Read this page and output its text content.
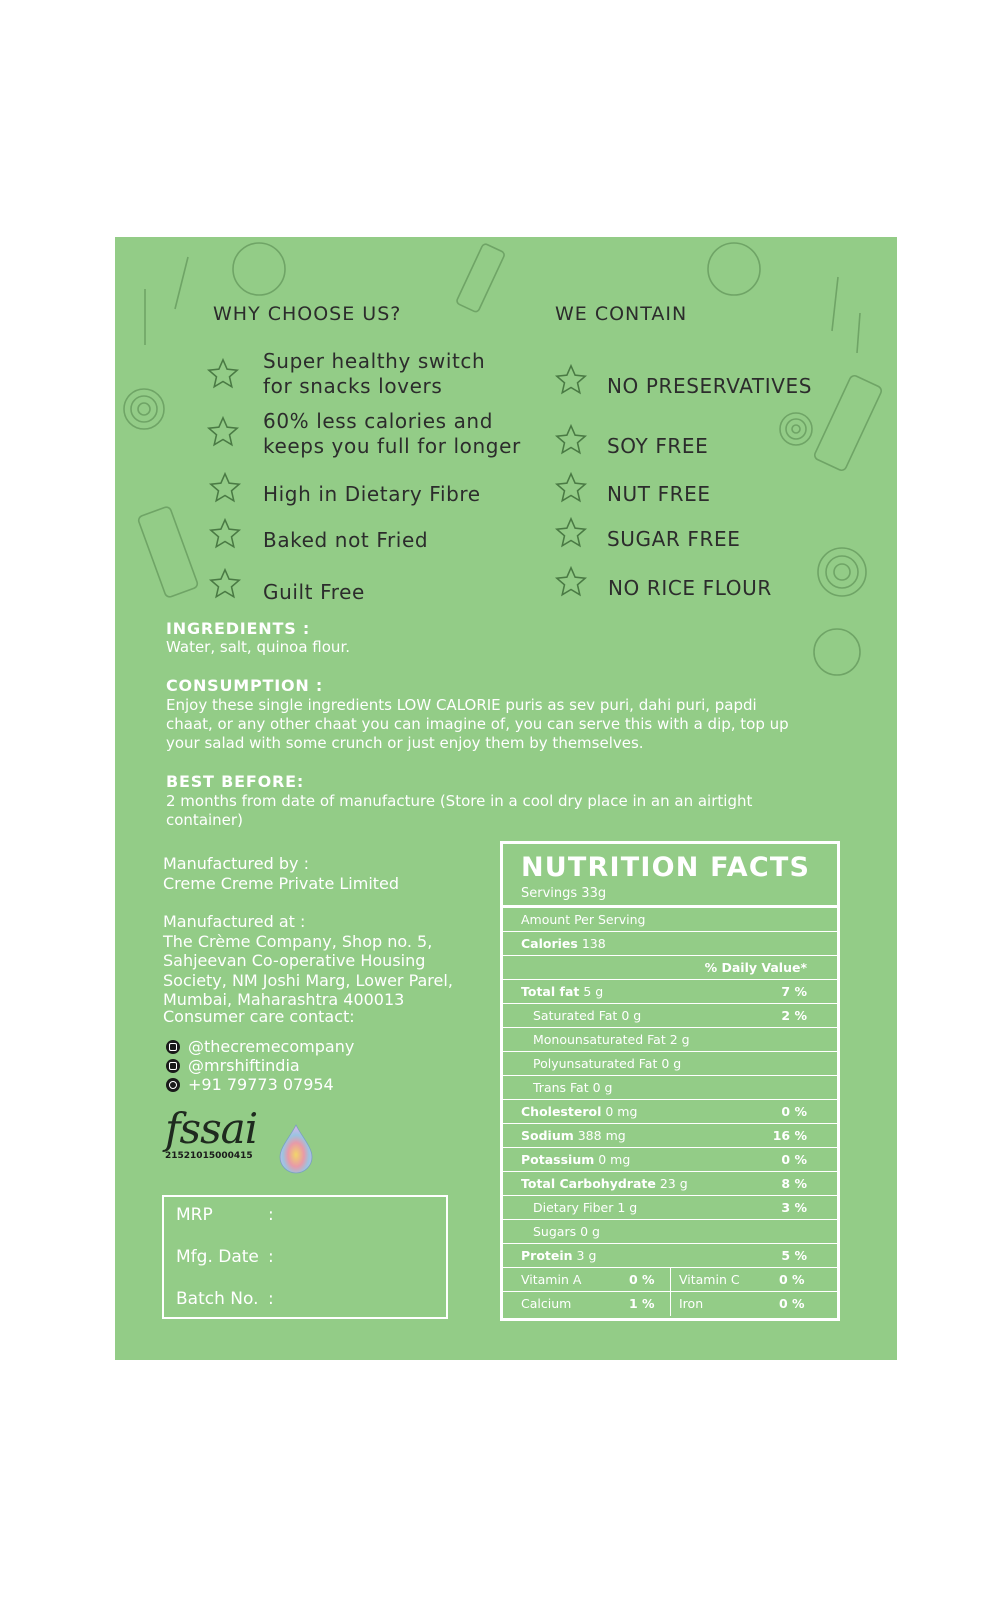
WHY CHOOSE US?
Super healthy switch
for snacks lovers
60% less calories and
keeps you full for longer
High in Dietary Fibre
Baked not Fried
Guilt Free
WE CONTAIN
NO PRESERVATIVES
SOY FREE
NUT FREE
SUGAR FREE
NO RICE FLOUR
INGREDIENTS :
Water, salt, quinoa flour.
CONSUMPTION :
Enjoy these single ingredients LOW CALORIE puris as sev puri, dahi puri, papdi
chaat, or any other chaat you can imagine of, you can serve this with a dip, top up
your salad with some crunch or just enjoy them by themselves.
BEST BEFORE:
2 months from date of manufacture (Store in a cool dry place in an an airtight
container)
Manufactured by :
Creme Creme Private Limited
Manufactured at :
The Crème Company, Shop no. 5,
Sahjeevan Co-operative Housing
Society, NM Joshi Marg, Lower Parel,
Mumbai, Maharashtra 400013
Consumer care contact:
@thecremecompany
@mrshiftindia
+91 79773 07954
fssai
21521015000415
MRP	:
Mfg. Date :
Batch No. :
NUTRITION FACTS
Servings 33g
Amount Per Serving
Calories 138
% Daily Value*
Total fat 5 g	7 %
Saturated Fat 0 g	2 %
Monounsaturated Fat 2 g
Polyunsaturated Fat 0 g
Trans Fat 0 g
Cholesterol 0 mg	0 %
Sodium 388 mg	16 %
Potassium 0 mg	0 %
Total Carbohydrate 23 g	8 %
Dietary Fiber 1 g	3 %
Sugars 0 g
Protein 3 g	5 %
Vitamin A	0 % Vitamin C	0 %
Calcium	1 % Iron	0 %
